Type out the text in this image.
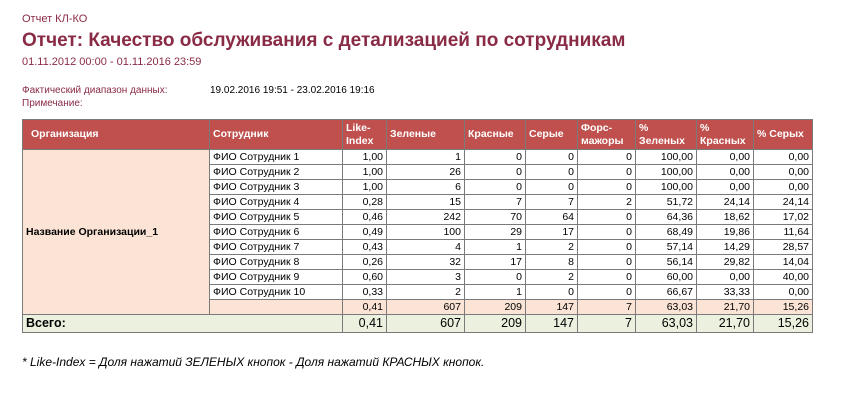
Отчет КЛ-КО
Отчет: Качество обслуживания с детализацией по сотрудникам
01.11.2012 00:00 - 01.11.2016 23:59
Фактический диапазон данных:	19.02.2016 19:51 - 23.02.2016 19:16
Примечание:
Организация	Сотрудник	Like-Index	Зеленые	Красные	Серые	Форс-мажоры	% Зеленых	% Красных	% Серых
Название Организации_1	ФИО Сотрудник 1	1,00	1	0	0	0	100,00	0,00	0,00
	ФИО Сотрудник 2	1,00	26	0	0	0	100,00	0,00	0,00
	ФИО Сотрудник 3	1,00	6	0	0	0	100,00	0,00	0,00
	ФИО Сотрудник 4	0,28	15	7	7	2	51,72	24,14	24,14
	ФИО Сотрудник 5	0,46	242	70	64	0	64,36	18,62	17,02
	ФИО Сотрудник 6	0,49	100	29	17	0	68,49	19,86	11,64
	ФИО Сотрудник 7	0,43	4	1	2	0	57,14	14,29	28,57
	ФИО Сотрудник 8	0,26	32	17	8	0	56,14	29,82	14,04
	ФИО Сотрудник 9	0,60	3	0	2	0	60,00	0,00	40,00
	ФИО Сотрудник 10	0,33	2	1	0	0	66,67	33,33	0,00
		0,41	607	209	147	7	63,03	21,70	15,26
Всего:		0,41	607	209	147	7	63,03	21,70	15,26
* Like-Index = Доля нажатий ЗЕЛЕНЫХ кнопок - Доля нажатий КРАСНЫХ кнопок.
